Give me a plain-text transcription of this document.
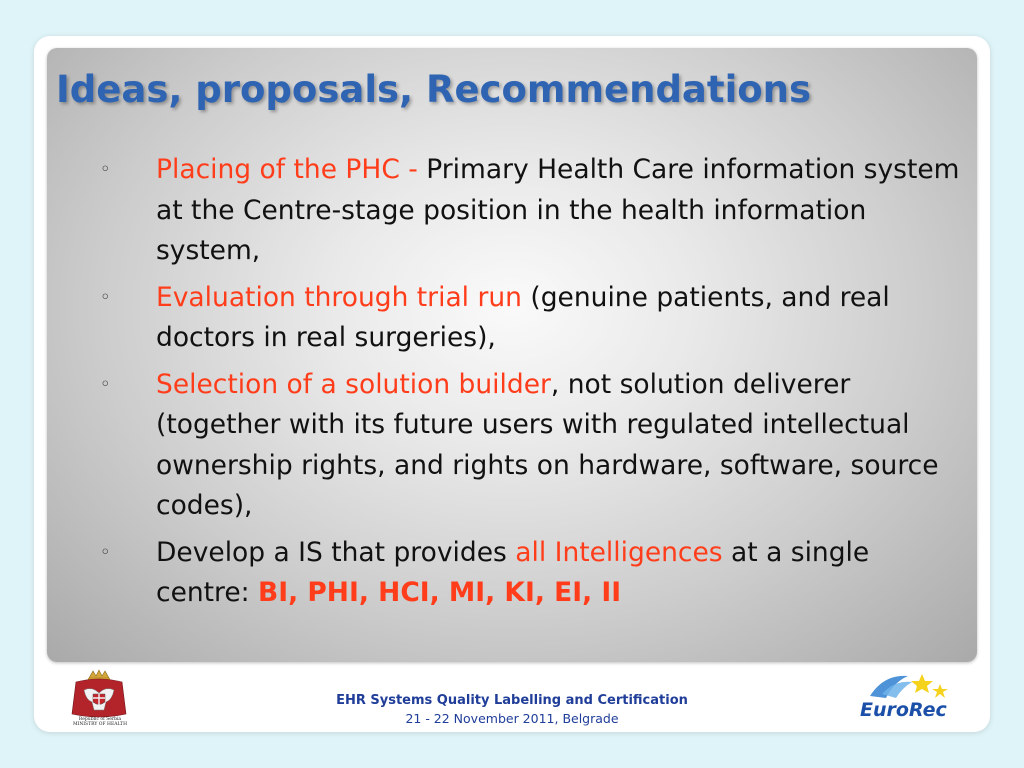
Ideas, proposals, Recommendations
◦ Placing of the PHC - Primary Health Care information system at the Centre-stage position in the health information system,
◦ Evaluation through trial run (genuine patients, and real doctors in real surgeries),
◦ Selection of a solution builder, not solution deliverer (together with its future users with regulated intellectual ownership rights, and rights on hardware, software, source codes),
◦ Develop a IS that provides all Intelligences at a single centre: BI, PHI, HCI, MI, KI, EI, II
Republic of Serbia
MINISTRY OF HEALTH
EHR Systems Quality Labelling and Certification
21 - 22 November 2011, Belgrade	EuroRec
